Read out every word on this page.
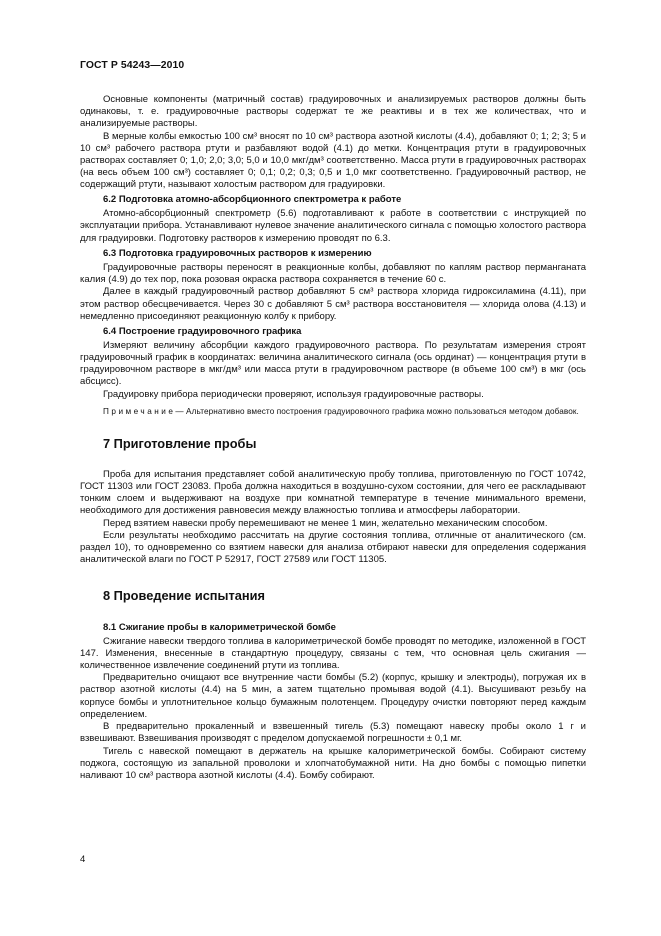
ГОСТ Р 54243—2010

Основные компоненты (матричный состав) градуировочных и анализируемых растворов должны быть одинаковы, т. е. градуировочные растворы содержат те же реактивы и в тех же количествах, что и анализируемые растворы.

В мерные колбы емкостью 100 см³ вносят по 10 см³ раствора азотной кислоты (4.4), добавляют 0; 1; 2; 3; 5 и 10 см³ рабочего раствора ртути и разбавляют водой (4.1) до метки. Концентрация ртути в градуировочных растворах составляет 0; 1,0; 2,0; 3,0; 5,0 и 10,0 мкг/дм³ соответственно. Масса ртути в градуировочных растворах (на весь объем 100 см³) составляет 0; 0,1; 0,2; 0,3; 0,5 и 1,0 мкг соответственно. Градуировочный раствор, не содержащий ртути, называют холостым раствором для градуировки.

6.2 Подготовка атомно-абсорбционного спектрометра к работе

Атомно-абсорбционный спектрометр (5.6) подготавливают к работе в соответствии с инструкцией по эксплуатации прибора. Устанавливают нулевое значение аналитического сигнала с помощью холостого раствора для градуировки. Подготовку растворов к измерению проводят по 6.3.

6.3 Подготовка градуировочных растворов к измерению

Градуировочные растворы переносят в реакционные колбы, добавляют по каплям раствор перманганата калия (4.9) до тех пор, пока розовая окраска раствора сохраняется в течение 60 с.

Далее в каждый градуировочный раствор добавляют 5 см³ раствора хлорида гидроксиламина (4.11), при этом раствор обесцвечивается. Через 30 с добавляют 5 см³ раствора восстановителя — хлорида олова (4.13) и немедленно присоединяют реакционную колбу к прибору.

6.4 Построение градуировочного графика

Измеряют величину абсорбции каждого градуировочного раствора. По результатам измерения строят градуировочный график в координатах: величина аналитического сигнала (ось ординат) — концентрация ртути в градуировочном растворе в мкг/дм³ или масса ртути в градуировочном растворе (в объеме 100 см³) в мкг (ось абсцисс).

Градуировку прибора периодически проверяют, используя градуировочные растворы.

Примечание— Альтернативно вместо построения градуировочного графика можно пользоваться методом добавок.

7 Приготовление пробы

Проба для испытания представляет собой аналитическую пробу топлива, приготовленную по ГОСТ 10742, ГОСТ 11303 или ГОСТ 23083. Проба должна находиться в воздушно-сухом состоянии, для чего ее раскладывают тонким слоем и выдерживают на воздухе при комнатной температуре в течение минимального времени, необходимого для достижения равновесия между влажностью топлива и атмосферы лаборатории.

Перед взятием навески пробу перемешивают не менее 1 мин, желательно механическим способом.

Если результаты необходимо рассчитать на другие состояния топлива, отличные от аналитического (см. раздел 10), то одновременно со взятием навески для анализа отбирают навески для определения содержания аналитической влаги по ГОСТ Р 52917, ГОСТ 27589 или ГОСТ 11305.

8 Проведение испытания
8.1 Сжигание пробы в калориметрической бомбе

Сжигание навески твердого топлива в калориметрической бомбе проводят по методике, изложенной в ГОСТ 147. Изменения, внесенные в стандартную процедуру, связаны с тем, что основная цель сжигания — количественное извлечение соединений ртути из топлива.

Предварительно очищают все внутренние части бомбы (5.2) (корпус, крышку и электроды), погружая их в раствор азотной кислоты (4.4) на 5 мин, а затем тщательно промывая водой (4.1). Высушивают резьбу на корпусе бомбы и уплотнительное кольцо бумажным полотенцем. Процедуру очистки повторяют перед каждым определением.

В предварительно прокаленный и взвешенный тигель (5.3) помещают навеску пробы около 1 г и взвешивают. Взвешивания производят с пределом допускаемой погрешности ± 0,1 мг.

Тигель с навеской помещают в держатель на крышке калориметрической бомбы. Собирают систему поджога, состоящую из запальной проволоки и хлопчатобумажной нити. На дно бомбы с помощью пипетки наливают 10 см³ раствора азотной кислоты (4.4). Бомбу собирают.

4
